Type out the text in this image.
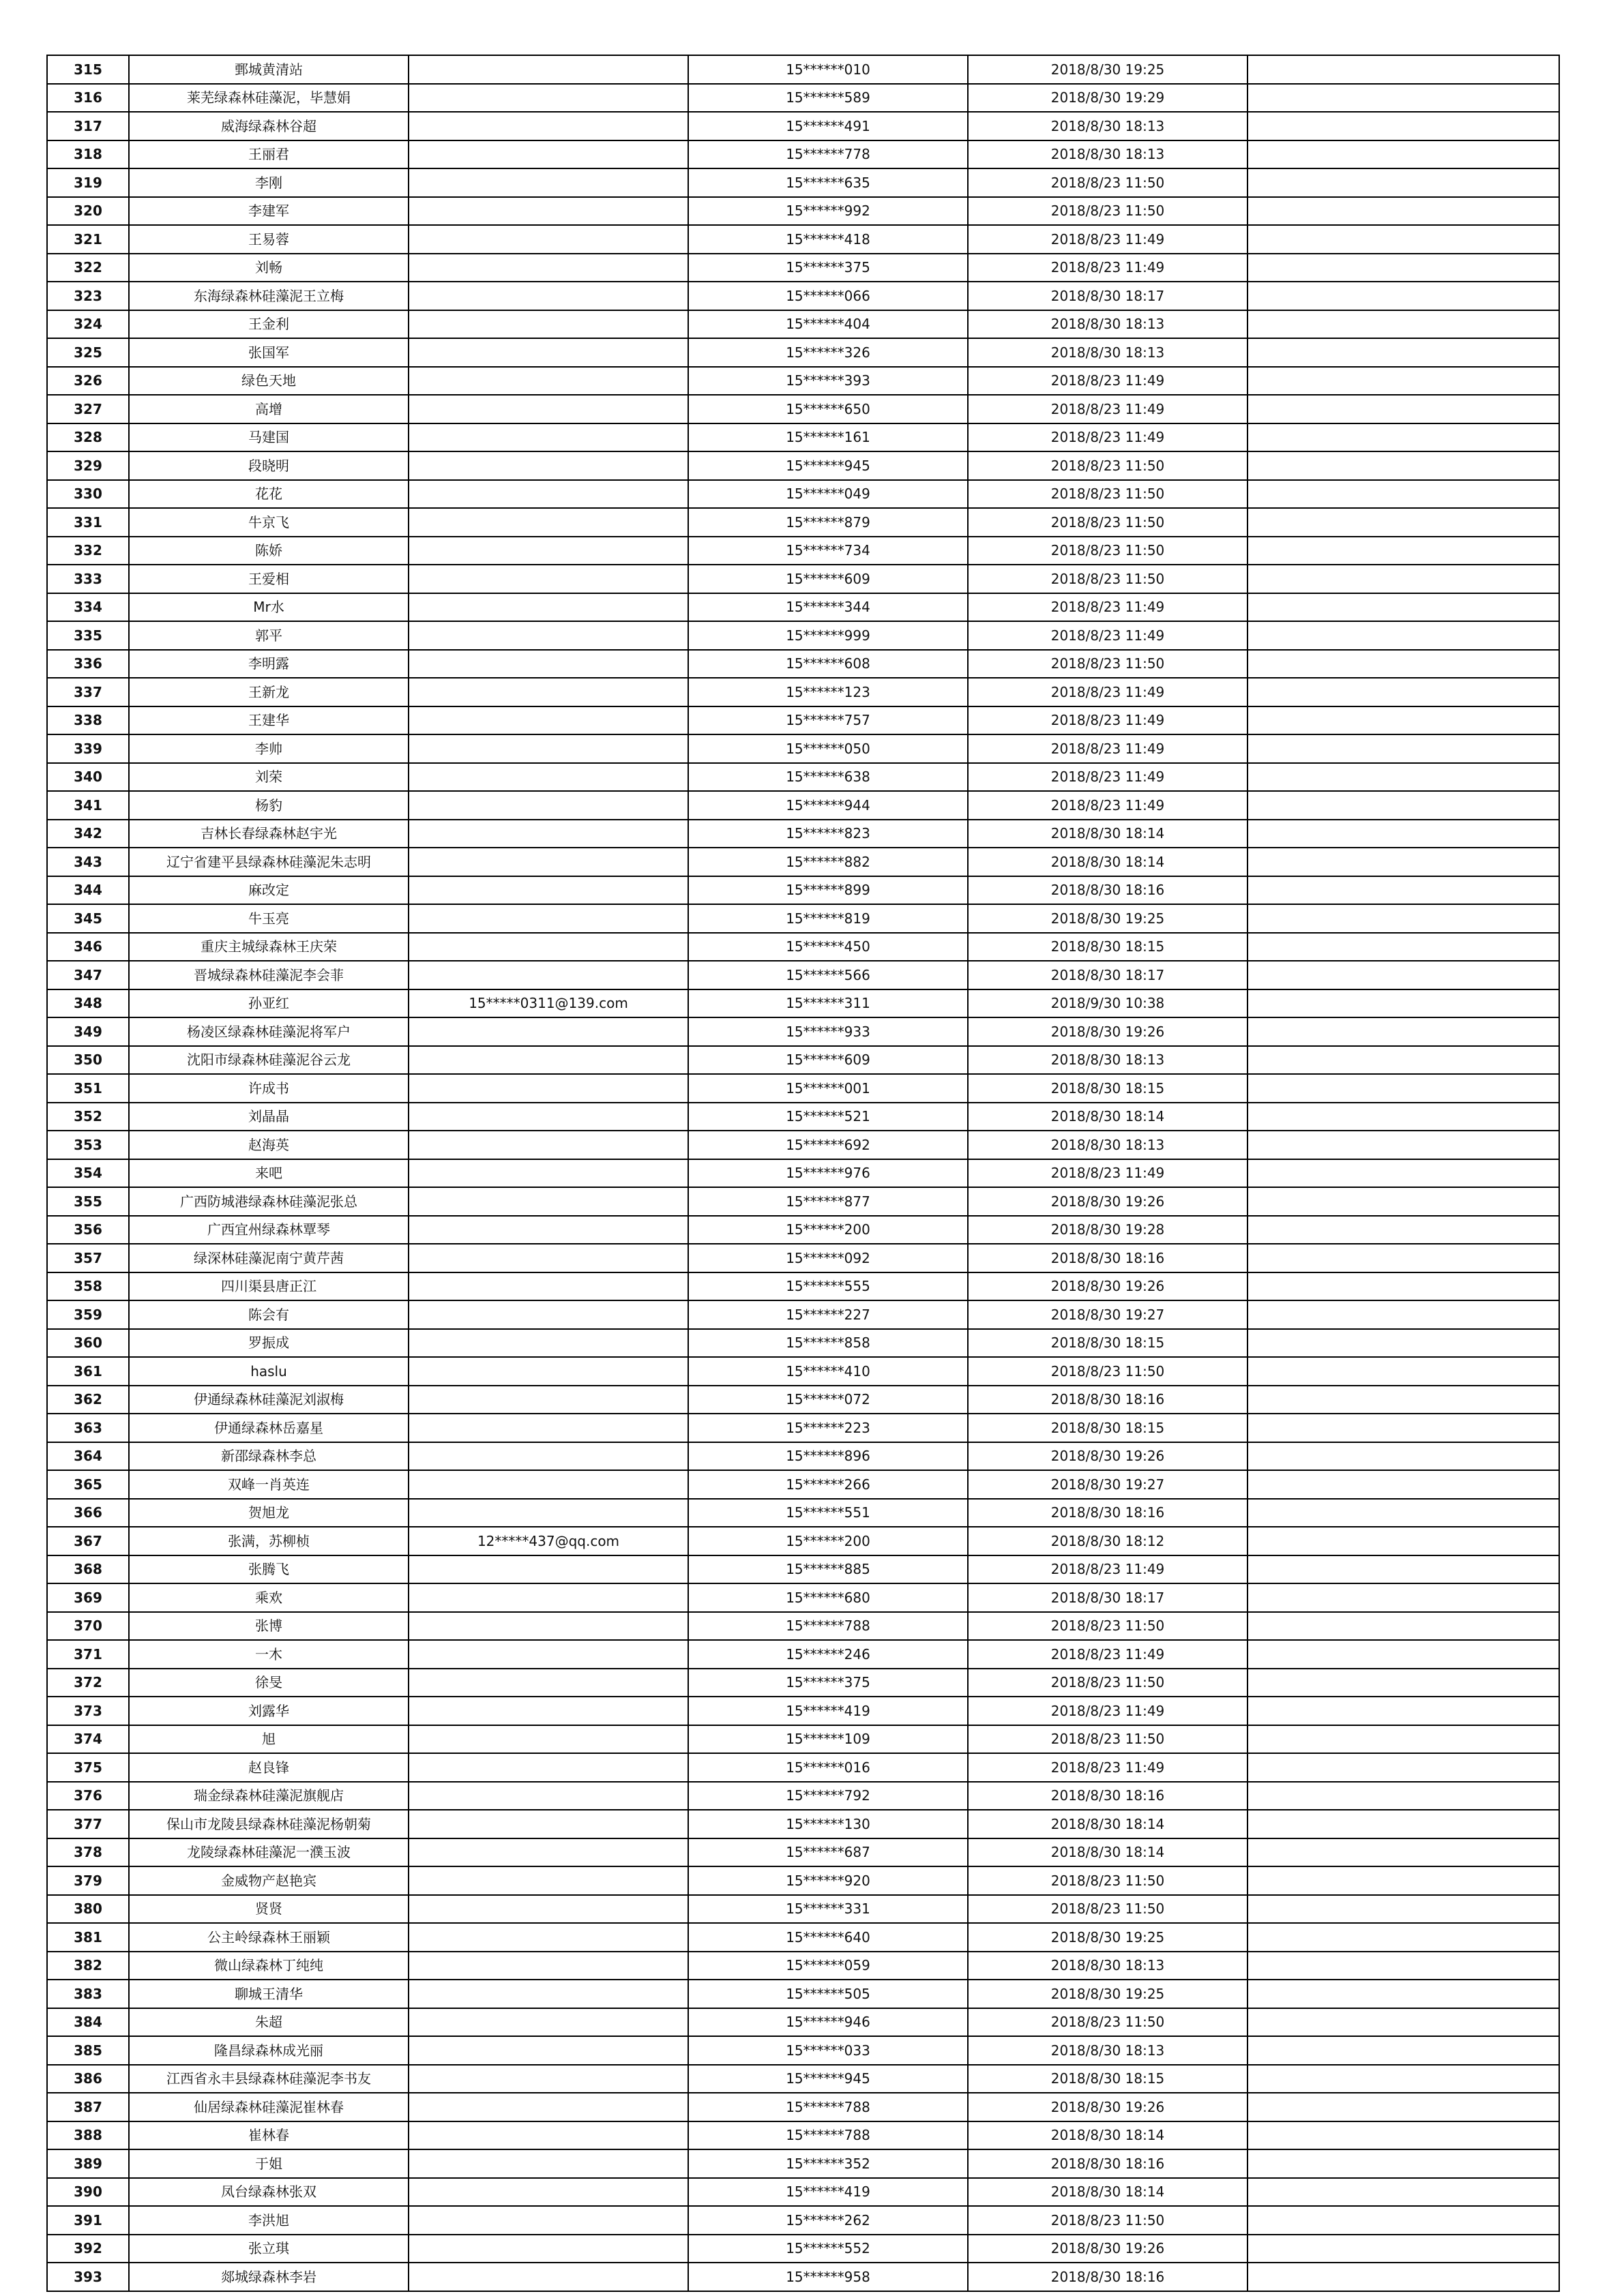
315	鄄城黄清站		15******010	2018/8/30 19:25	
316	莱芜绿森林硅藻泥，毕慧娟		15******589	2018/8/30 19:29	
317	威海绿森林谷超		15******491	2018/8/30 18:13	
318	王丽君		15******778	2018/8/30 18:13	
319	李刚		15******635	2018/8/23 11:50	
320	李建军		15******992	2018/8/23 11:50	
321	王易蓉		15******418	2018/8/23 11:49	
322	刘畅		15******375	2018/8/23 11:49	
323	东海绿森林硅藻泥王立梅		15******066	2018/8/30 18:17	
324	王金利		15******404	2018/8/30 18:13	
325	张国军		15******326	2018/8/30 18:13	
326	绿色天地		15******393	2018/8/23 11:49	
327	高增		15******650	2018/8/23 11:49	
328	马建国		15******161	2018/8/23 11:49	
329	段晓明		15******945	2018/8/23 11:50	
330	花花		15******049	2018/8/23 11:50	
331	牛京飞		15******879	2018/8/23 11:50	
332	陈娇		15******734	2018/8/23 11:50	
333	王爱相		15******609	2018/8/23 11:50	
334	Mr水		15******344	2018/8/23 11:49	
335	郭平		15******999	2018/8/23 11:49	
336	李明露		15******608	2018/8/23 11:50	
337	王新龙		15******123	2018/8/23 11:49	
338	王建华		15******757	2018/8/23 11:49	
339	李帅		15******050	2018/8/23 11:49	
340	刘荣		15******638	2018/8/23 11:49	
341	杨豹		15******944	2018/8/23 11:49	
342	吉林长春绿森林赵宇光		15******823	2018/8/30 18:14	
343	辽宁省建平县绿森林硅藻泥朱志明		15******882	2018/8/30 18:14	
344	麻改定		15******899	2018/8/30 18:16	
345	牛玉亮		15******819	2018/8/30 19:25	
346	重庆主城绿森林王庆荣		15******450	2018/8/30 18:15	
347	晋城绿森林硅藻泥李会菲		15******566	2018/8/30 18:17	
348	孙亚红	15*****0311@139.com	15******311	2018/9/30 10:38	
349	杨凌区绿森林硅藻泥将军户		15******933	2018/8/30 19:26	
350	沈阳市绿森林硅藻泥谷云龙		15******609	2018/8/30 18:13	
351	许成书		15******001	2018/8/30 18:15	
352	刘晶晶		15******521	2018/8/30 18:14	
353	赵海英		15******692	2018/8/30 18:13	
354	来吧		15******976	2018/8/23 11:49	
355	广西防城港绿森林硅藻泥张总		15******877	2018/8/30 19:26	
356	广西宜州绿森林覃琴		15******200	2018/8/30 19:28	
357	绿深林硅藻泥南宁黄芹茜		15******092	2018/8/30 18:16	
358	四川渠县唐正江		15******555	2018/8/30 19:26	
359	陈会有		15******227	2018/8/30 19:27	
360	罗振成		15******858	2018/8/30 18:15	
361	haslu		15******410	2018/8/23 11:50	
362	伊通绿森林硅藻泥刘淑梅		15******072	2018/8/30 18:16	
363	伊通绿森林岳嘉星		15******223	2018/8/30 18:15	
364	新邵绿森林李总		15******896	2018/8/30 19:26	
365	双峰一肖英连		15******266	2018/8/30 19:27	
366	贺旭龙		15******551	2018/8/30 18:16	
367	张满，苏柳桢	12*****437@qq.com	15******200	2018/8/30 18:12	
368	张腾飞		15******885	2018/8/23 11:49	
369	乘欢		15******680	2018/8/30 18:17	
370	张博		15******788	2018/8/23 11:50	
371	一木		15******246	2018/8/23 11:49	
372	徐旻		15******375	2018/8/23 11:50	
373	刘露华		15******419	2018/8/23 11:49	
374	旭		15******109	2018/8/23 11:50	
375	赵良锋		15******016	2018/8/23 11:49	
376	瑞金绿森林硅藻泥旗舰店		15******792	2018/8/30 18:16	
377	保山市龙陵县绿森林硅藻泥杨朝菊		15******130	2018/8/30 18:14	
378	龙陵绿森林硅藻泥一濮玉波		15******687	2018/8/30 18:14	
379	金威物产赵艳宾		15******920	2018/8/23 11:50	
380	贤贤		15******331	2018/8/23 11:50	
381	公主岭绿森林王丽颖		15******640	2018/8/30 19:25	
382	微山绿森林丁纯纯		15******059	2018/8/30 18:13	
383	聊城王清华		15******505	2018/8/30 19:25	
384	朱超		15******946	2018/8/23 11:50	
385	隆昌绿森林成光丽		15******033	2018/8/30 18:13	
386	江西省永丰县绿森林硅藻泥李书友		15******945	2018/8/30 18:15	
387	仙居绿森林硅藻泥崔林春		15******788	2018/8/30 19:26	
388	崔林春		15******788	2018/8/30 18:14	
389	于姐		15******352	2018/8/30 18:16	
390	凤台绿森林张双		15******419	2018/8/30 18:14	
391	李洪旭		15******262	2018/8/23 11:50	
392	张立琪		15******552	2018/8/30 19:26	
393	郯城绿森林李岩		15******958	2018/8/30 18:16	
